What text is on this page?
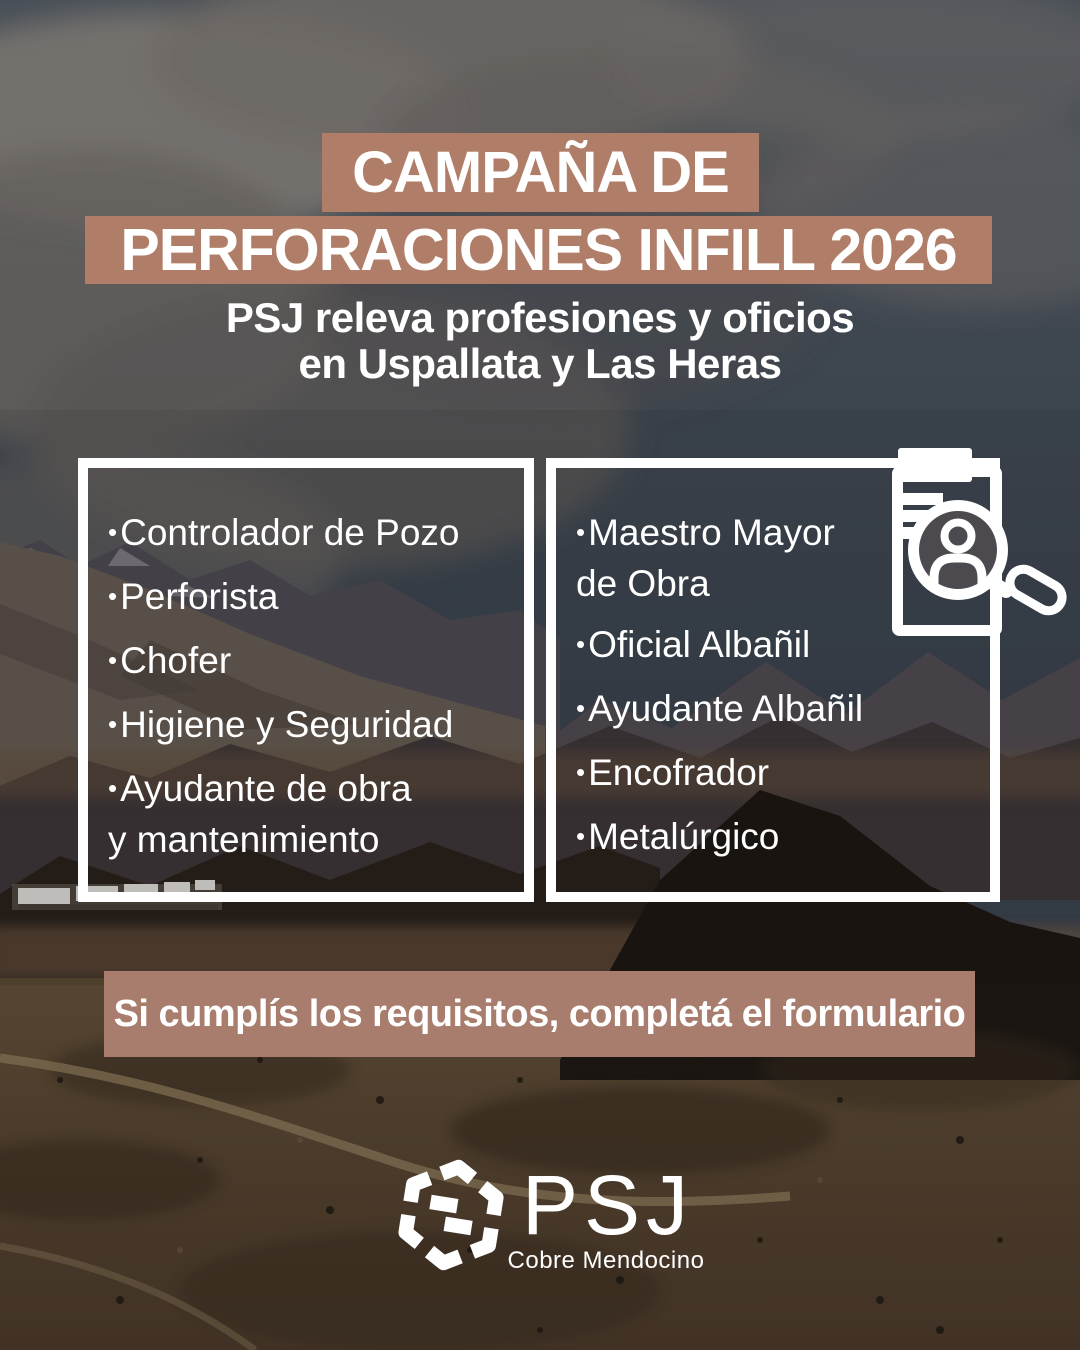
CAMPAÑA DE
PERFORACIONES INFILL 2026
PSJ releva profesiones y oficios
en Uspallata y Las Heras
•Controlador de Pozo
•Perforista
•Chofer
•Higiene y Seguridad
•Ayudante de obra y mantenimiento
•Maestro Mayor de Obra
•Oficial Albañil
•Ayudante Albañil
•Encofrador
•Metalúrgico
Si cumplís los requisitos, completá el formulario
PSJ
Cobre Mendocino
